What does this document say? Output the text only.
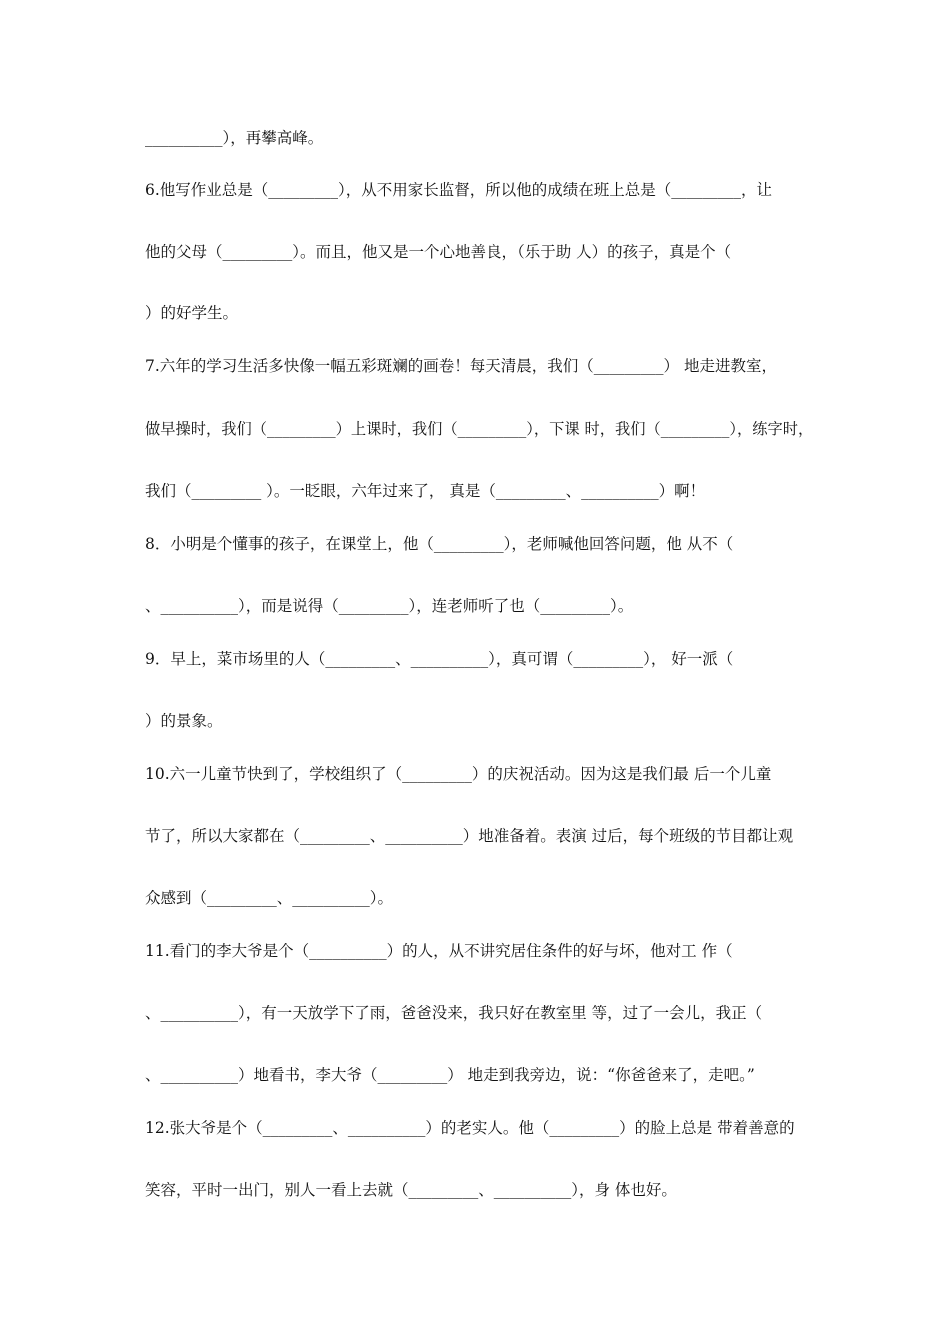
__________），再攀高峰。
6.他写作业总是（_________），从不用家长监督，所以他的成绩在班上总是（_________，让
他的父母（_________）。而且，他又是一个心地善良，（乐于助 人）的孩子，真是个（
）的好学生。
7.六年的学习生活多快像一幅五彩斑斓的画卷！每天清晨，我们（_________） 地走进教室，
做早操时，我们（_________）上课时，我们（_________），下课 时，我们（_________），练字时，
我们（_________ ）。一眨眼，六年过来了， 真是（_________、__________）啊！
8．小明是个懂事的孩子，在课堂上，他（_________），老师喊他回答问题，他 从不（
、__________），而是说得（_________），连老师听了也（_________）。
9．早上，菜市场里的人（_________、__________），真可谓（_________）， 好一派（
）的景象。
10.六一儿童节快到了，学校组织了（_________）的庆祝活动。因为这是我们最 后一个儿童
节了，所以大家都在（_________、__________）地准备着。表演 过后，每个班级的节目都让观
众感到（_________、__________）。
11.看门的李大爷是个（__________）的人，从不讲究居住条件的好与坏，他对工 作（
、__________），有一天放学下了雨，爸爸没来，我只好在教室里 等，过了一会儿，我正（
、__________）地看书，李大爷（_________） 地走到我旁边，说：“你爸爸来了，走吧。”
12.张大爷是个（_________、__________）的老实人。他（_________）的脸上总是 带着善意的
笑容，平时一出门，别人一看上去就（_________、__________），身 体也好。
